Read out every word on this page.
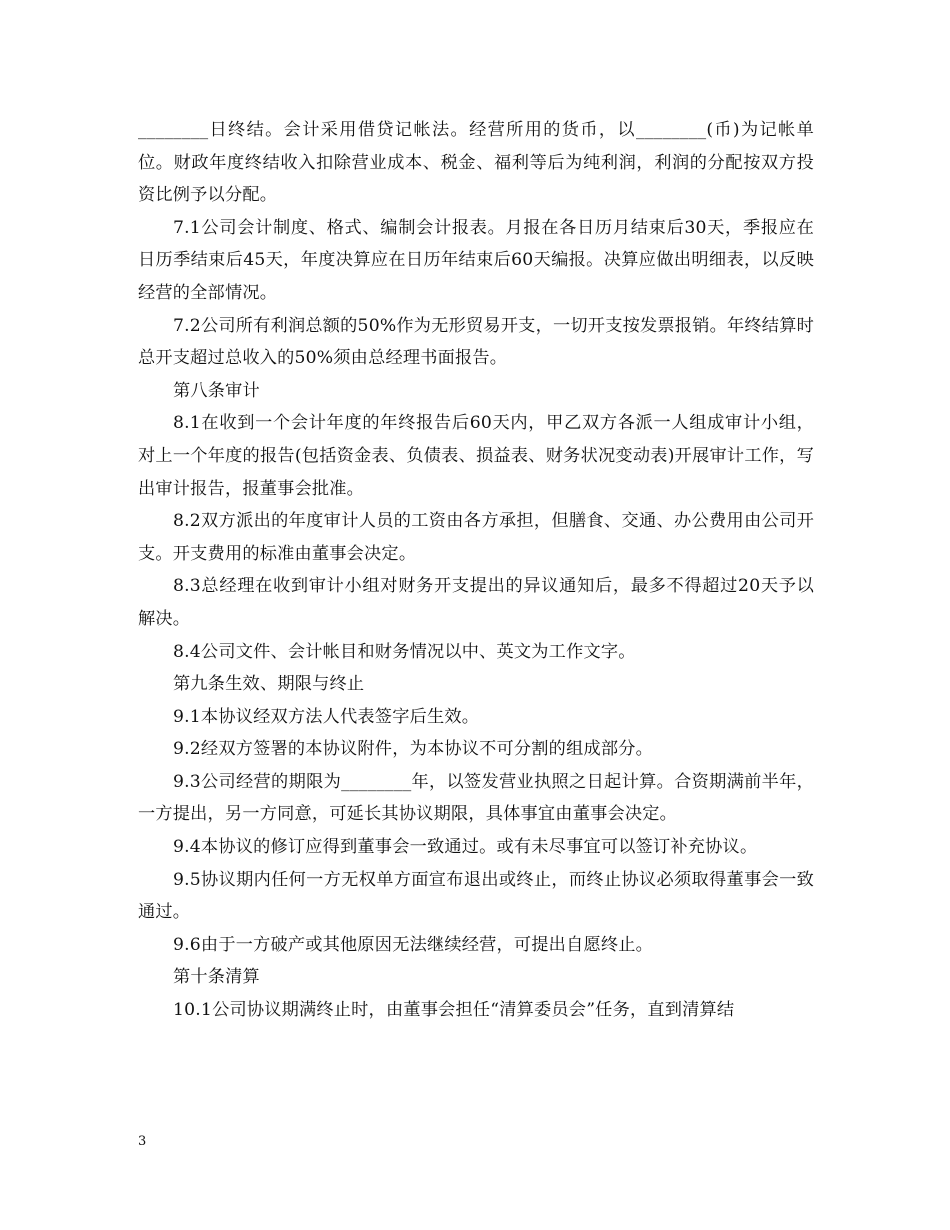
________日终结。会计采用借贷记帐法。经营所用的货币，以________(币)为记帐单位。财政年度终结收入扣除营业成本、税金、福利等后为纯利润，利润的分配按双方投资比例予以分配。

7.1公司会计制度、格式、编制会计报表。月报在各日历月结束后30天，季报应在日历季结束后45天，年度决算应在日历年结束后60天编报。决算应做出明细表，以反映经营的全部情况。

7.2公司所有利润总额的50%作为无形贸易开支，一切开支按发票报销。年终结算时总开支超过总收入的50%须由总经理书面报告。

第八条审计

8.1在收到一个会计年度的年终报告后60天内，甲乙双方各派一人组成审计小组，对上一个年度的报告(包括资金表、负债表、损益表、财务状况变动表)开展审计工作，写出审计报告，报董事会批准。

8.2双方派出的年度审计人员的工资由各方承担，但膳食、交通、办公费用由公司开支。开支费用的标准由董事会决定。

8.3总经理在收到审计小组对财务开支提出的异议通知后，最多不得超过20天予以解决。

8.4公司文件、会计帐目和财务情况以中、英文为工作文字。

第九条生效、期限与终止

9.1本协议经双方法人代表签字后生效。

9.2经双方签署的本协议附件，为本协议不可分割的组成部分。

9.3公司经营的期限为________年，以签发营业执照之日起计算。合资期满前半年，一方提出，另一方同意，可延长其协议期限，具体事宜由董事会决定。

9.4本协议的修订应得到董事会一致通过。或有未尽事宜可以签订补充协议。

9.5协议期内任何一方无权单方面宣布退出或终止，而终止协议必须取得董事会一致通过。

9.6由于一方破产或其他原因无法继续经营，可提出自愿终止。

第十条清算

10.1公司协议期满终止时，由董事会担任“清算委员会”任务，直到清算结

3
